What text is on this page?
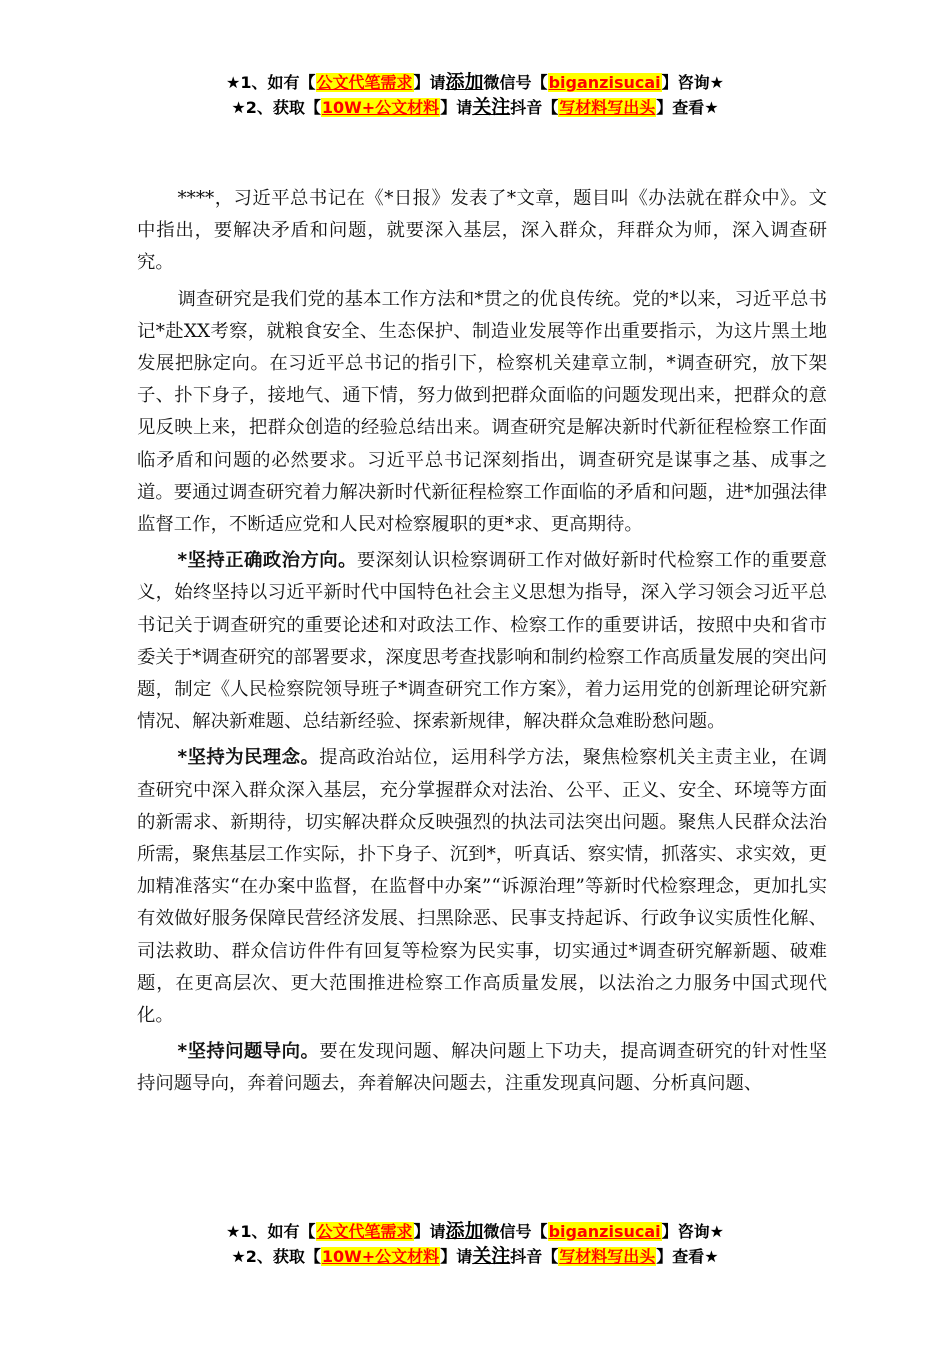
★1、如有【公文代笔需求】请添加微信号【biganzisucai】咨询★
★2、获取【10W+公文材料】请关注抖音【写材料写出头】查看★

****，习近平总书记在《*日报》发表了*文章，题目叫《办法就在群众中》。文中指出，要解决矛盾和问题，就要深入基层，深入群众，拜群众为师，深入调查研究。

调查研究是我们党的基本工作方法和*贯之的优良传统。党的*以来，习近平总书记*赴XX考察，就粮食安全、生态保护、制造业发展等作出重要指示，为这片黑土地发展把脉定向。在习近平总书记的指引下，检察机关建章立制，*调查研究，放下架子、扑下身子，接地气、通下情，努力做到把群众面临的问题发现出来，把群众的意见反映上来，把群众创造的经验总结出来。调查研究是解决新时代新征程检察工作面临矛盾和问题的必然要求。习近平总书记深刻指出，调查研究是谋事之基、成事之道。要通过调查研究着力解决新时代新征程检察工作面临的矛盾和问题，进*加强法律监督工作，不断适应党和人民对检察履职的更*求、更高期待。

*坚持正确政治方向。要深刻认识检察调研工作对做好新时代检察工作的重要意义，始终坚持以习近平新时代中国特色社会主义思想为指导，深入学习领会习近平总书记关于调查研究的重要论述和对政法工作、检察工作的重要讲话，按照中央和省市委关于*调查研究的部署要求，深度思考查找影响和制约检察工作高质量发展的突出问题，制定《人民检察院领导班子*调查研究工作方案》，着力运用党的创新理论研究新情况、解决新难题、总结新经验、探索新规律，解决群众急难盼愁问题。

*坚持为民理念。提高政治站位，运用科学方法，聚焦检察机关主责主业，在调查研究中深入群众深入基层，充分掌握群众对法治、公平、正义、安全、环境等方面的新需求、新期待，切实解决群众反映强烈的执法司法突出问题。聚焦人民群众法治所需，聚焦基层工作实际，扑下身子、沉到*，听真话、察实情，抓落实、求实效，更加精准落实“在办案中监督，在监督中办案”“诉源治理”等新时代检察理念，更加扎实有效做好服务保障民营经济发展、扫黑除恶、民事支持起诉、行政争议实质性化解、司法救助、群众信访件件有回复等检察为民实事，切实通过*调查研究解新题、破难题，在更高层次、更大范围推进检察工作高质量发展，以法治之力服务中国式现代化。

*坚持问题导向。要在发现问题、解决问题上下功夫，提高调查研究的针对性坚持问题导向，奔着问题去，奔着解决问题去，注重发现真问题、分析真问题、

★1、如有【公文代笔需求】请添加微信号【biganzisucai】咨询★
★2、获取【10W+公文材料】请关注抖音【写材料写出头】查看★
